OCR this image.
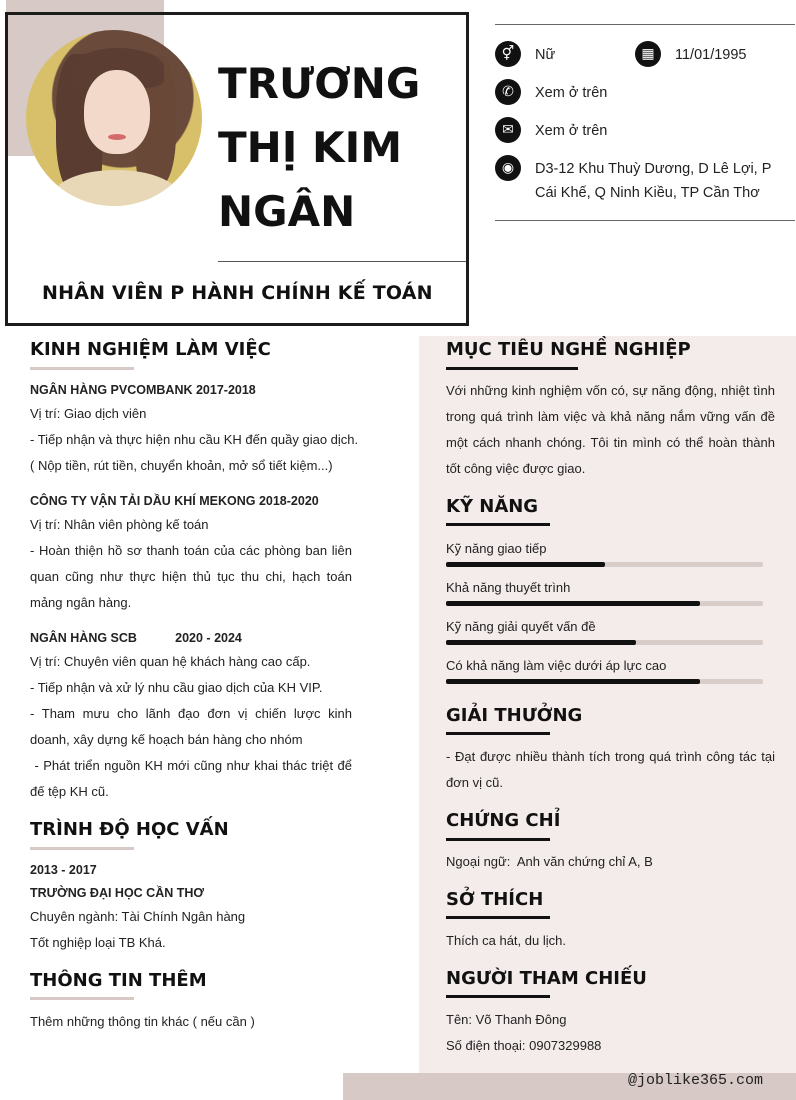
TRƯƠNG
THỊ KIM
NGÂN
NHÂN VIÊN P HÀNH CHÍNH KẾ TOÁN
⚥	Nữ	▦	11/01/1995
✆	Xem ở trên
✉	Xem ở trên
◉	D3-12 Khu Thuỳ Dương, D Lê Lợi, P
Cái Khế, Q Ninh Kiều, TP Cần Thơ
KINH NGHIỆM LÀM VIỆC
NGÂN HÀNG PVCOMBANK 2017-2018
Vị trí: Giao dịch viên
- Tiếp nhận và thực hiện nhu cầu KH đến quầy giao dịch.
( Nộp tiền, rút tiền, chuyển khoản, mở sổ tiết kiệm...)
CÔNG TY VẬN TẢI DẦU KHÍ MEKONG 2018-2020
Vị trí: Nhân viên phòng kế toán
- Hoàn thiện hồ sơ thanh toán của các phòng ban liên quan cũng như thực hiện thủ tục thu chi, hạch toán mảng ngân hàng.
NGÂN HÀNG SCB           2020 - 2024
Vị trí: Chuyên viên quan hệ khách hàng cao cấp.
- Tiếp nhận và xử lý nhu cầu giao dịch của KH VIP.
- Tham mưu cho lãnh đạo đơn vị chiến lược kinh doanh, xây dựng kế hoạch bán hàng cho nhóm
- Phát triển nguồn KH mới cũng như khai thác triệt để đế tệp KH cũ.
TRÌNH ĐỘ HỌC VẤN
2013 - 2017
TRƯỜNG ĐẠI HỌC CẦN THƠ
Chuyên ngành: Tài Chính Ngân hàng
Tốt nghiệp loại TB Khá.
THÔNG TIN THÊM
Thêm những thông tin khác ( nếu cần )
MỤC TIÊU NGHỀ NGHIỆP
Với những kinh nghiệm vốn có, sự năng động, nhiệt tình trong quá trình làm việc và khả năng nắm vững vấn đề một cách nhanh chóng. Tôi tin mình có thể hoàn thành tốt công việc được giao.
KỸ NĂNG
Kỹ năng giao tiếp
Khả năng thuyết trình
Kỹ năng giải quyết vấn đề
Có khả năng làm việc dưới áp lực cao
GIẢI THƯỞNG
- Đạt được nhiều thành tích trong quá trình công tác tại đơn vị cũ.
CHỨNG CHỈ
Ngoại ngữ:  Anh văn chứng chỉ A, B
SỞ THÍCH
Thích ca hát, du lịch.
NGƯỜI THAM CHIẾU
Tên: Võ Thanh Đông
Số điện thoại: 0907329988
@joblike365.com
